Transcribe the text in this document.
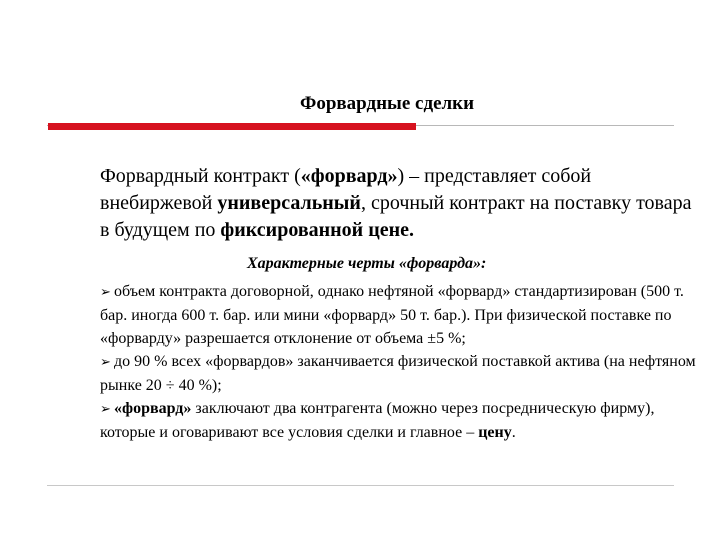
Форвардные сделки
Форвардный контракт («форвард») – представляет собой внебиржевой универсальный, срочный контракт на поставку товара в будущем по фиксированной цене.
Характерные черты «форварда»:

➢ объем контракта договорной, однако нефтяной «форвард» стандартизирован (500 т. бар. иногда 600 т. бар. или мини «форвард» 50 т. бар.). При физической поставке по «форварду» разрешается отклонение от объема ±5 %;

➢ до 90 % всех «форвардов» заканчивается физической поставкой актива (на нефтяном рынке 20 ÷ 40 %);

➢ «форвард» заключают два контрагента (можно через посредническую фирму), которые и оговаривают все условия сделки и главное – цену.
